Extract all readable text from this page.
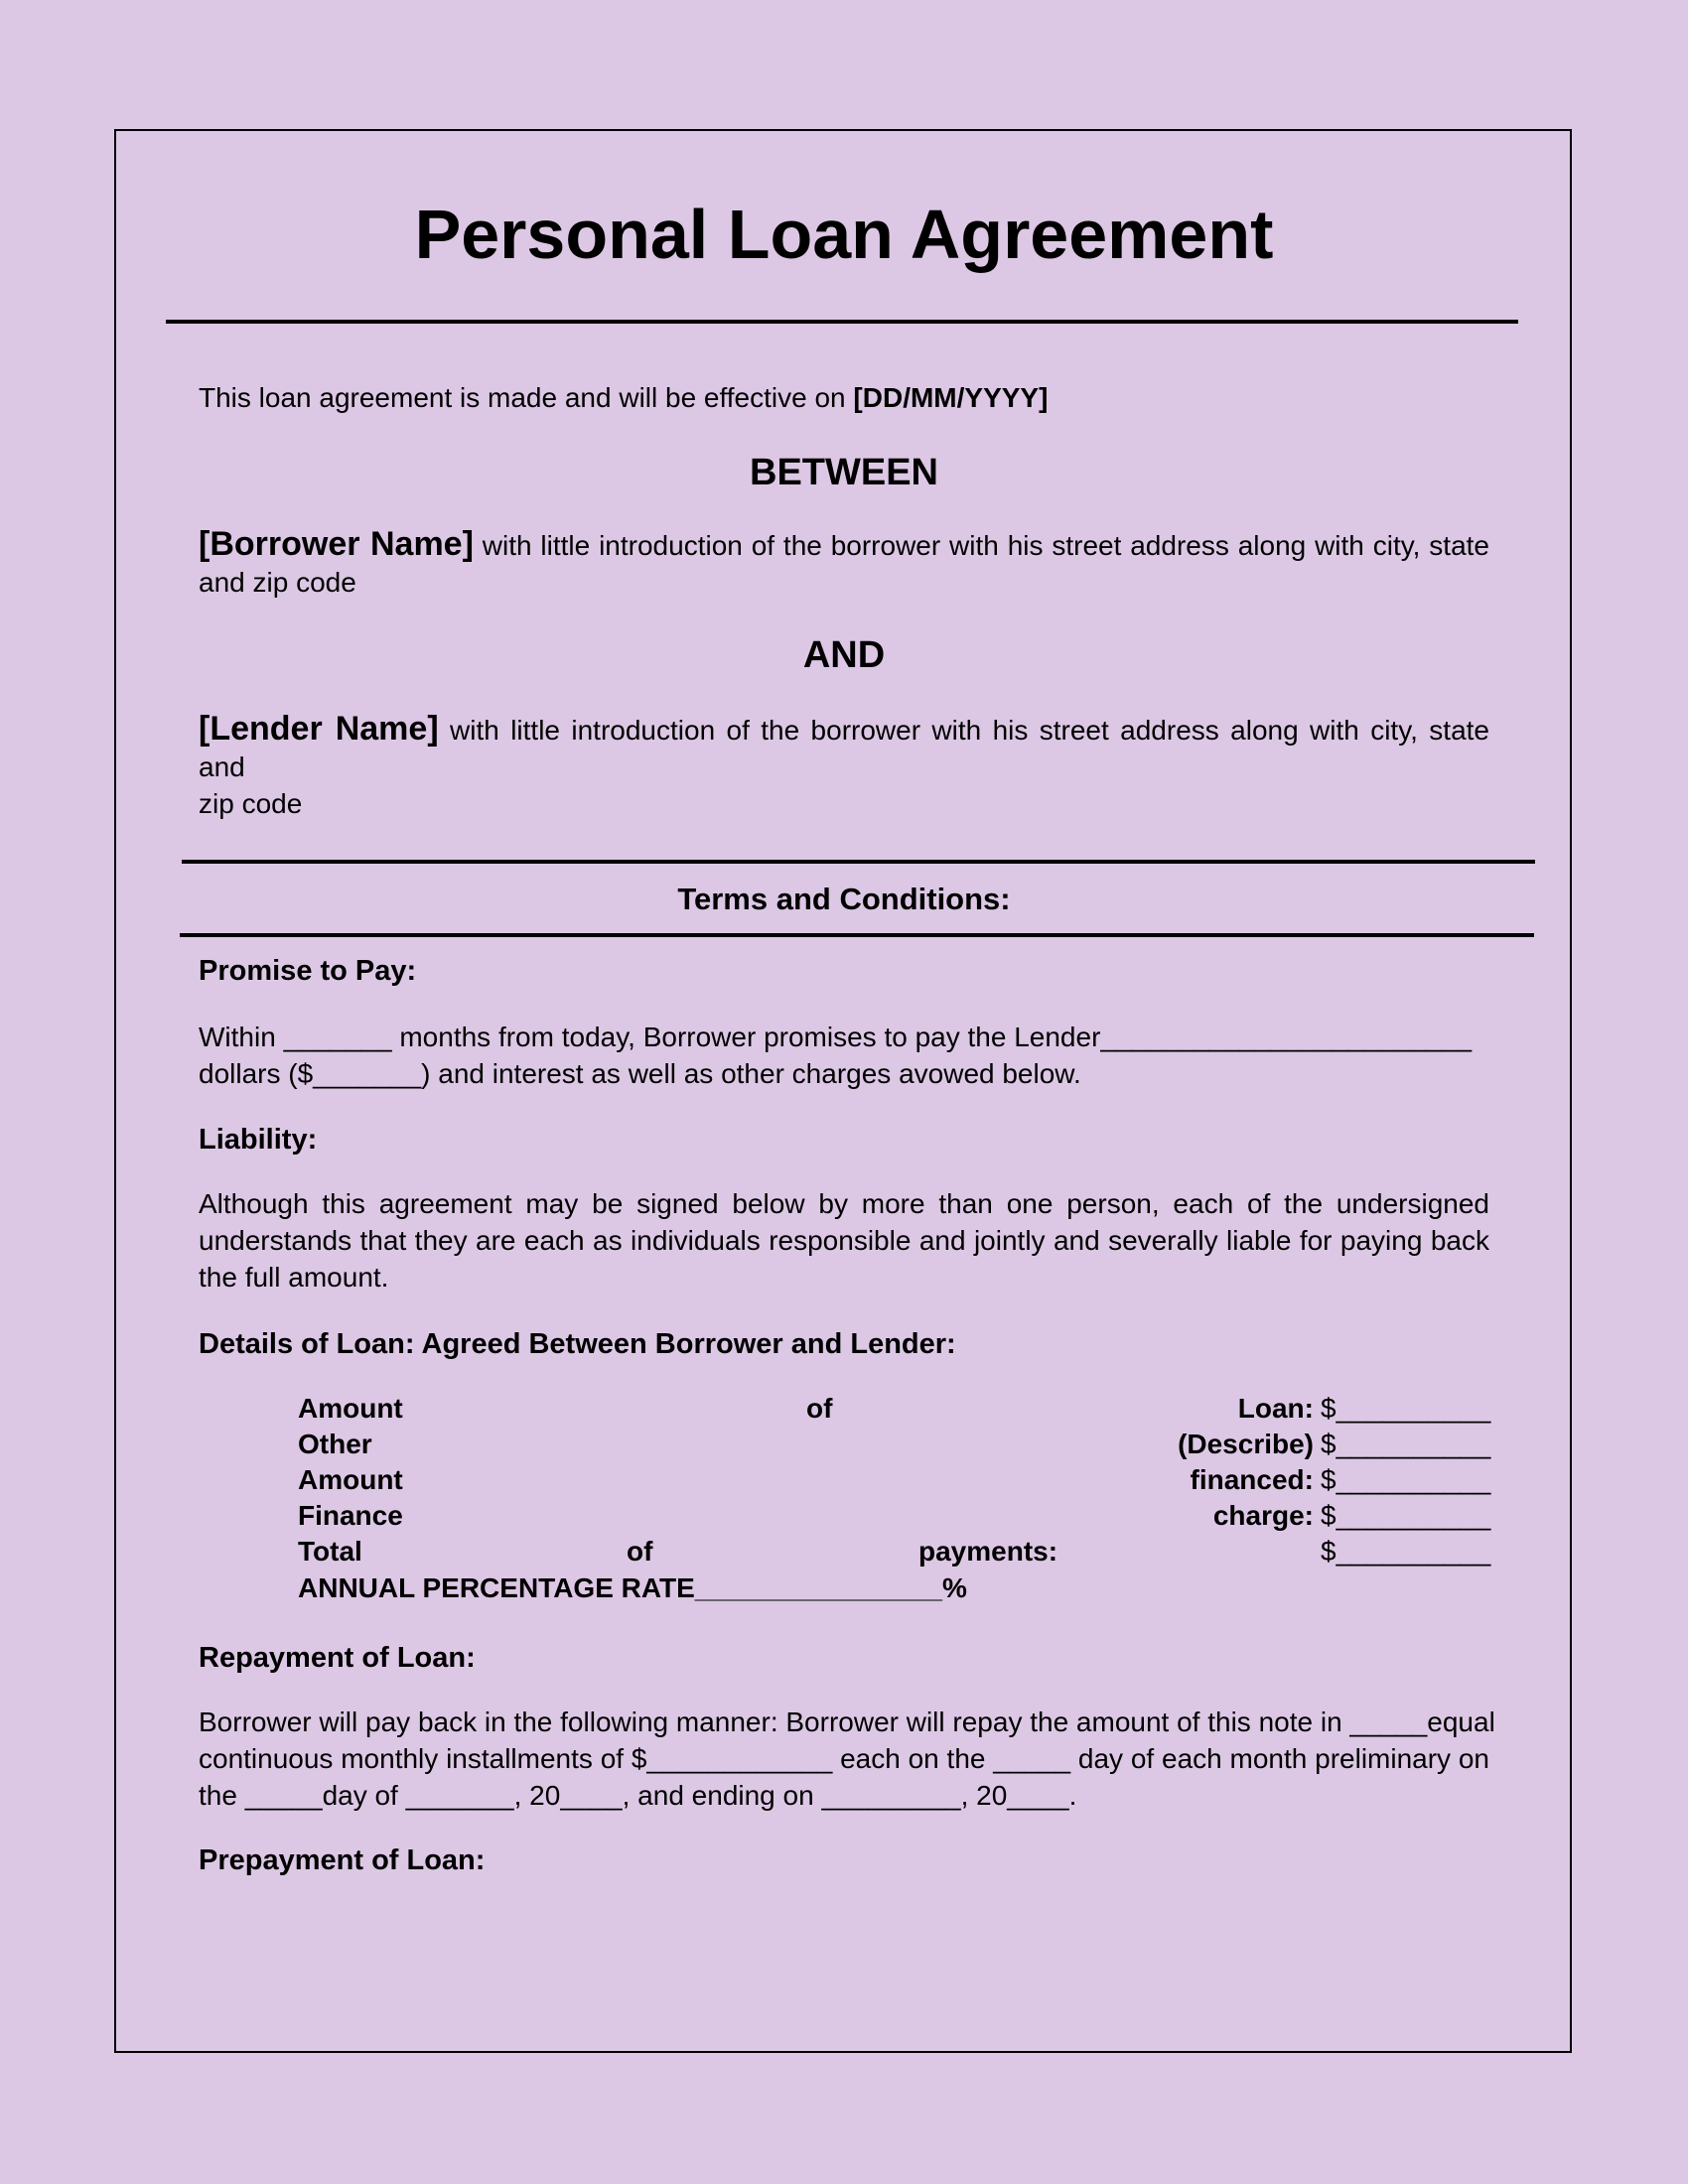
Personal Loan Agreement
This loan agreement is made and will be effective on [DD/MM/YYYY]
BETWEEN
[Borrower Name] with little introduction of the borrower with his street address along with city, state
and zip code
AND
[Lender Name] with little introduction of the borrower with his street address along with city, state and
zip code
Terms and Conditions:
Promise to Pay:
Within _______ months from today, Borrower promises to pay the Lender________________________
dollars ($_______) and interest as well as other charges avowed below.
Liability:
Although this agreement may be signed below by more than one person, each of the undersigned
understands that they are each as individuals responsible and jointly and severally liable for paying back
the full amount.
Details of Loan: Agreed Between Borrower and Lender:
Amount	of	Loan: $__________
Other	(Describe) $__________
Amount	financed: $__________
Finance	charge: $__________
Total	of	payments:	$__________
ANNUAL PERCENTAGE RATE________________%
Repayment of Loan:
Borrower will pay back in the following manner: Borrower will repay the amount of this note in _____equal
continuous monthly installments of $____________ each on the _____ day of each month preliminary on
the _____day of _______, 20____, and ending on _________, 20____.
Prepayment of Loan:
